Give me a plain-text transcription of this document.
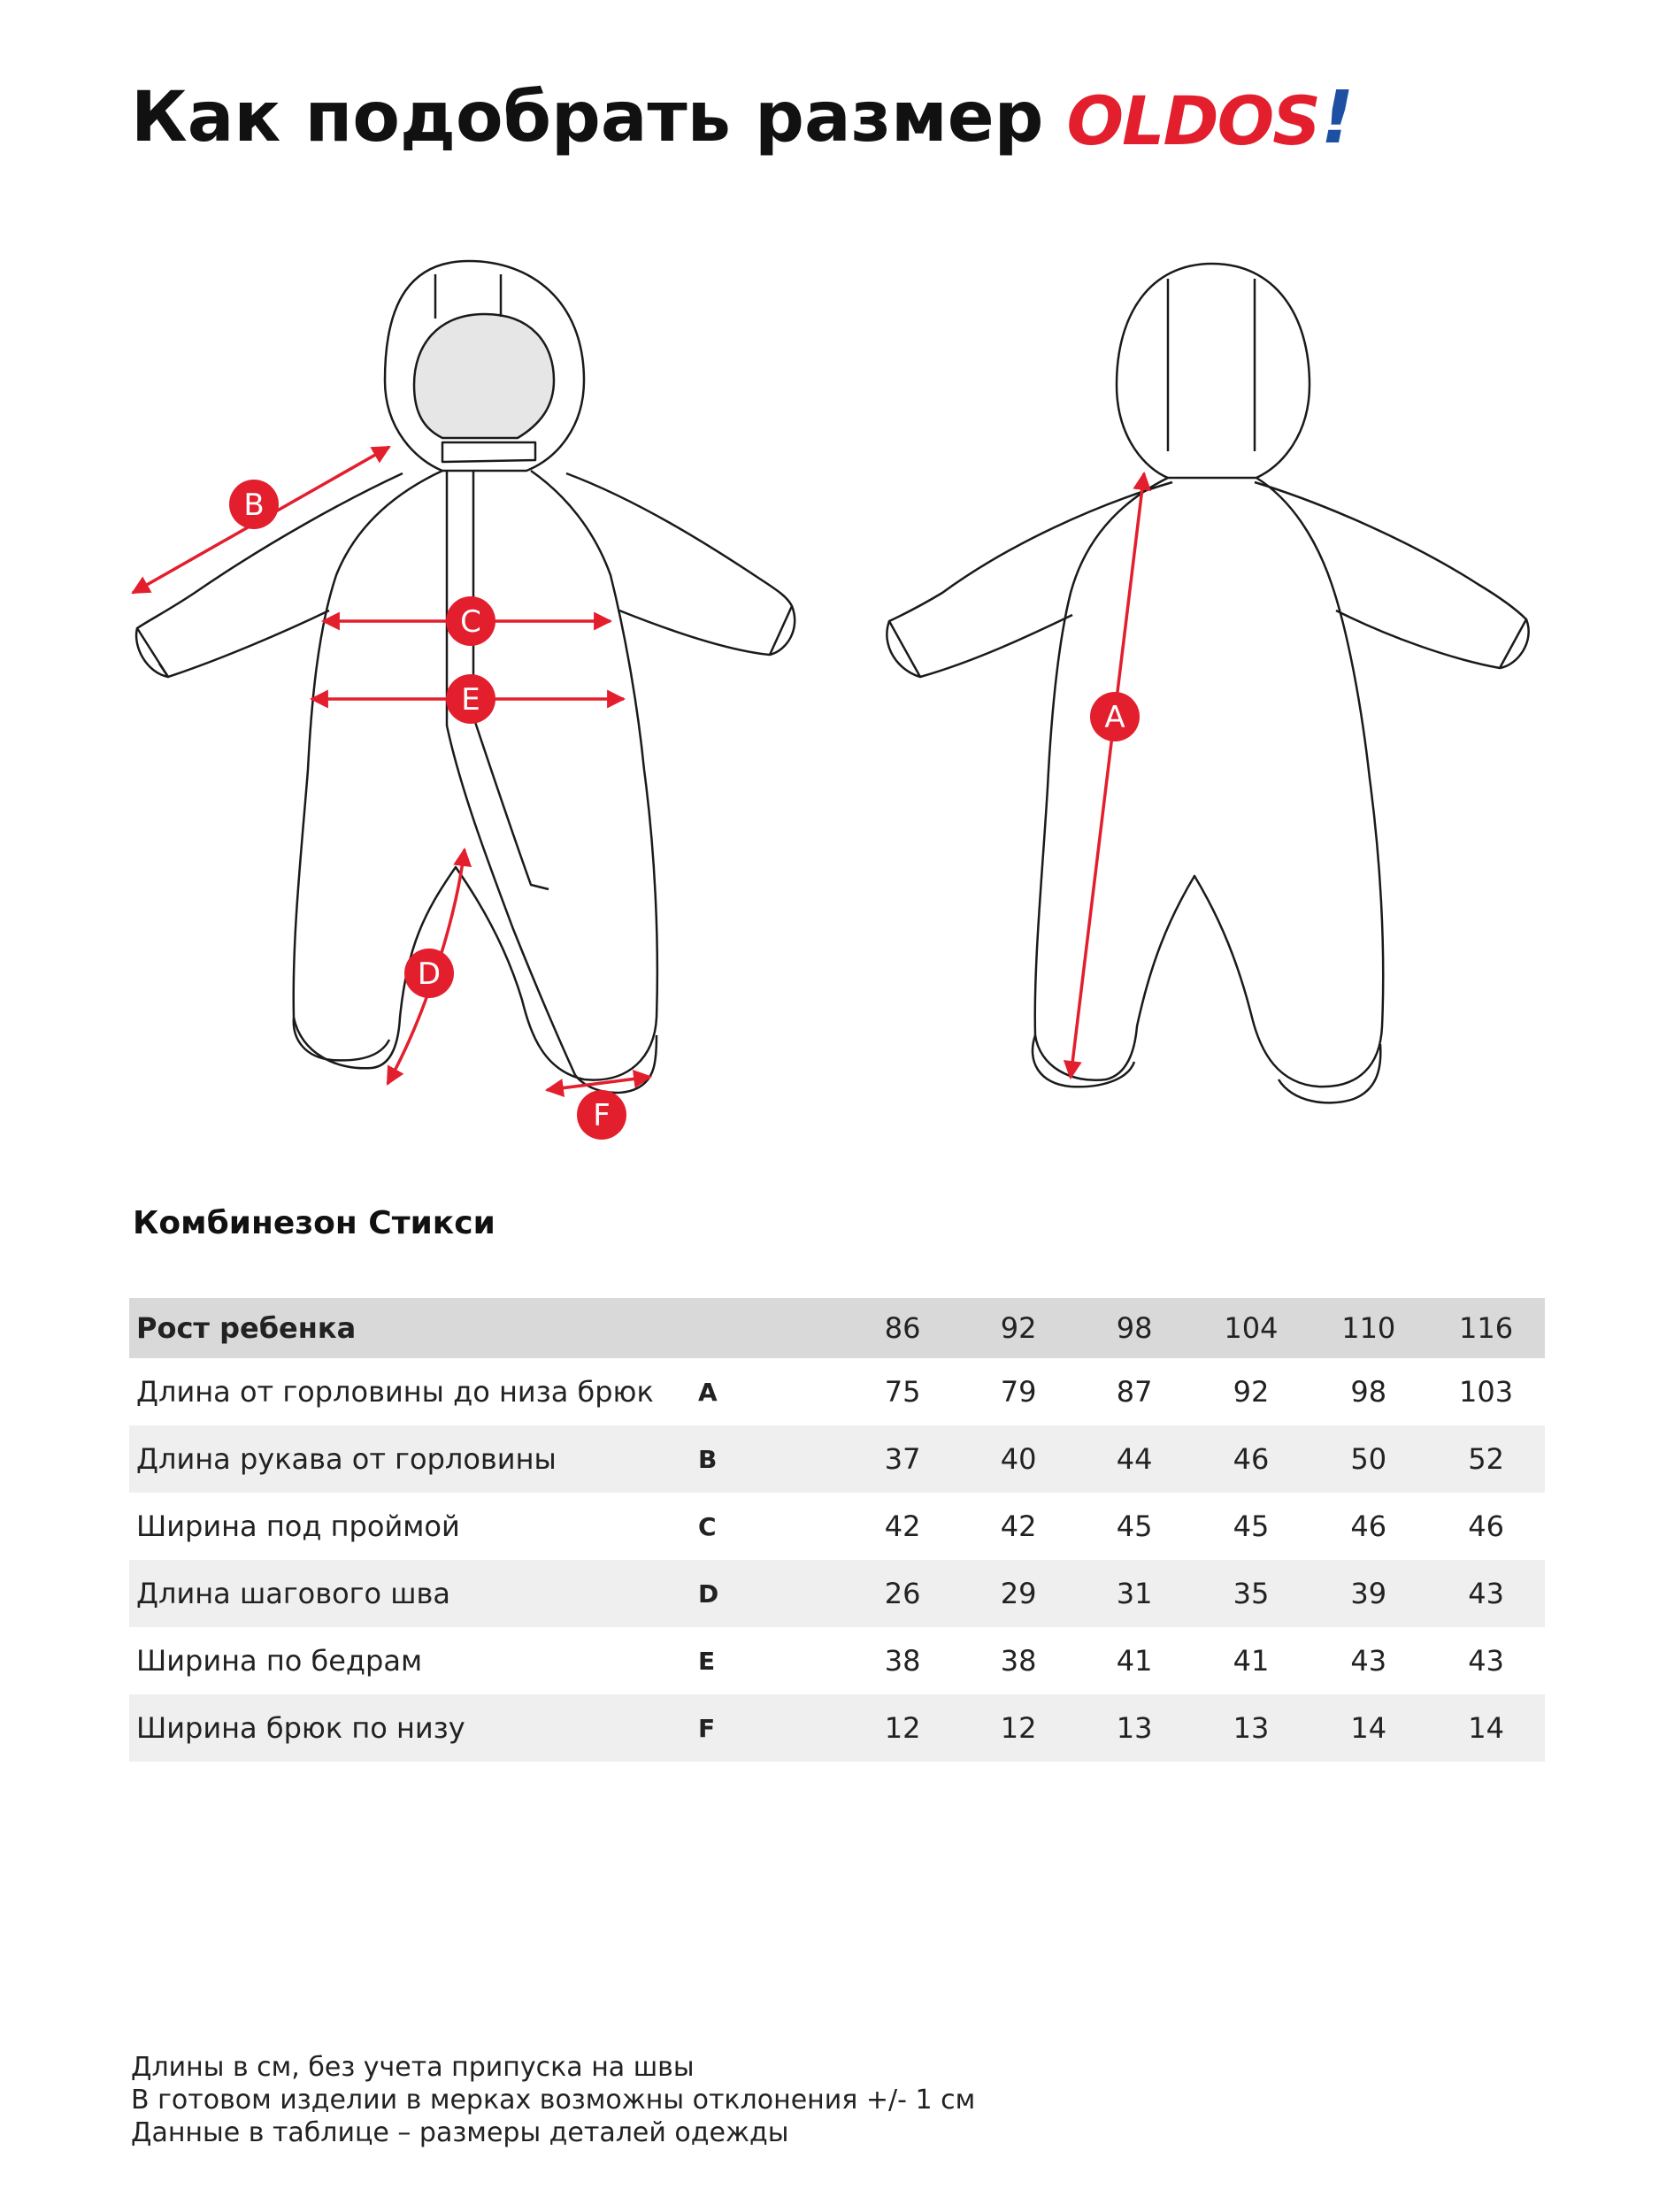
Как подобрать размер OLDOS !
B
C
E
D
F
A
Комбинезон Стикси
Рост ребенка		86	92	98	104	110	116
Длина от горловины до низа брюк	A	75	79	87	92	98	103
Длина рукава от горловины	B	37	40	44	46	50	52
Ширина под проймой	C	42	42	45	45	46	46
Длина шагового шва	D	26	29	31	35	39	43
Ширина по бедрам	E	38	38	41	41	43	43
Ширина брюк по низу	F	12	12	13	13	14	14
Длины в см, без учета припуска на швы
В готовом изделии в мерках возможны отклонения +/- 1 см
Данные в таблице – размеры деталей одежды
